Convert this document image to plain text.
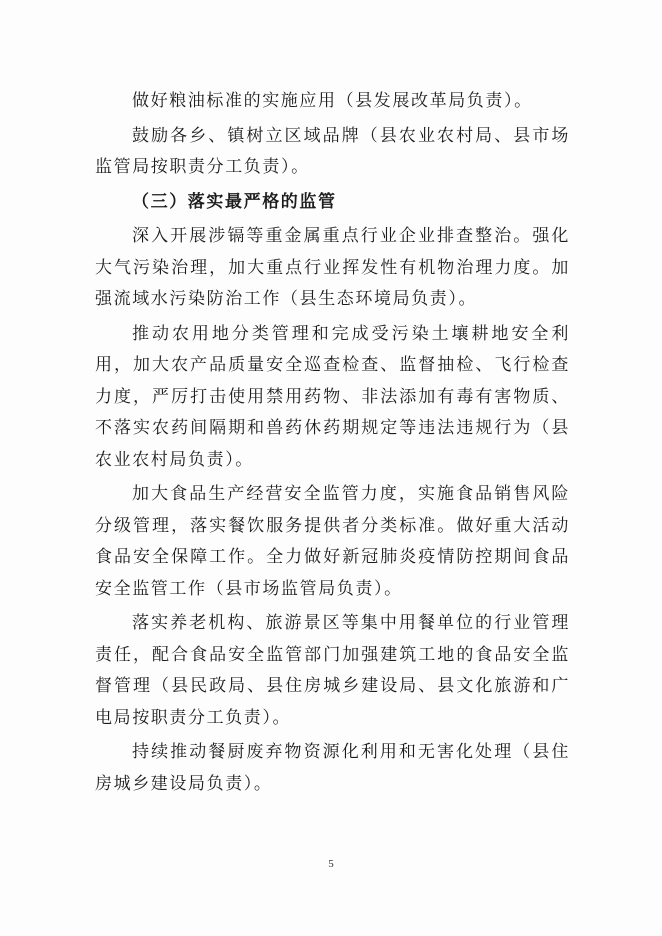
做好粮油标准的实施应用（县发展改革局负责）。

鼓励各乡、镇树立区域品牌（县农业农村局、县市场监管局按职责分工负责）。

（三）落实最严格的监管

深入开展涉镉等重金属重点行业企业排查整治。强化大气污染治理，加大重点行业挥发性有机物治理力度。加强流域水污染防治工作（县生态环境局负责）。

推动农用地分类管理和完成受污染土壤耕地安全利用，加大农产品质量安全巡查检查、监督抽检、飞行检查力度，严厉打击使用禁用药物、非法添加有毒有害物质、不落实农药间隔期和兽药休药期规定等违法违规行为（县农业农村局负责）。

加大食品生产经营安全监管力度，实施食品销售风险分级管理，落实餐饮服务提供者分类标准。做好重大活动食品安全保障工作。全力做好新冠肺炎疫情防控期间食品安全监管工作（县市场监管局负责）。

落实养老机构、旅游景区等集中用餐单位的行业管理责任，配合食品安全监管部门加强建筑工地的食品安全监督管理（县民政局、县住房城乡建设局、县文化旅游和广电局按职责分工负责）。

持续推动餐厨废弃物资源化利用和无害化处理（县住房城乡建设局负责）。

5
